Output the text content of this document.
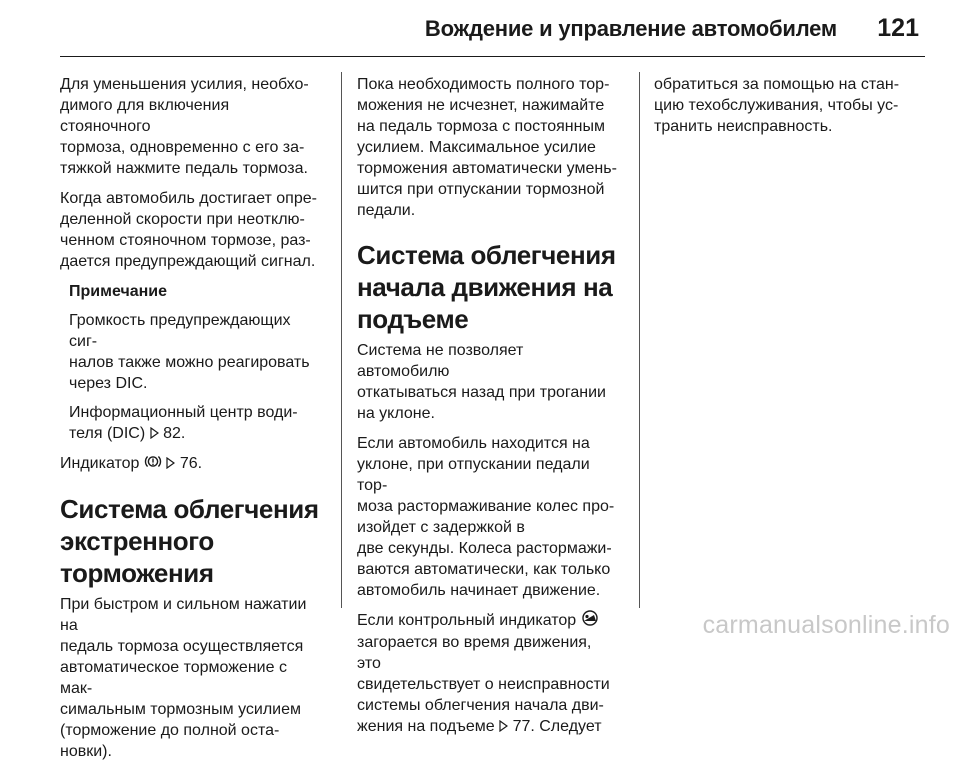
Вождение и управление автомобилем 121

Для уменьшения усилия, необхо-
димого для включения стояночного
тормоза, одновременно с его за-
тяжкой нажмите педаль тормоза.

Когда автомобиль достигает опре-
деленной скорости при неотклю-
ченном стояночном тормозе, раз-
дается предупреждающий сигнал.

Примечание

Громкость предупреждающих сиг-
налов также можно реагировать
через DIC.

Информационный центр води-
теля (DIC)  82.

Индикатор   76.

Система облегчения
экстренного торможения

При быстром и сильном нажатии на
педаль тормоза осуществляется
автоматическое торможение с мак-
симальным тормозным усилием
(торможение до полной оста-
новки).

Пока необходимость полного тор-
можения не исчезнет, нажимайте
на педаль тормоза с постоянным
усилием. Максимальное усилие
торможения автоматически умень-
шится при отпускании тормозной
педали.

Система облегчения
начала движения на
подъеме

Система не позволяет автомобилю
откатываться назад при трогании
на уклоне.

Если автомобиль находится на
уклоне, при отпускании педали тор-
моза растормаживание колес про-
изойдет с задержкой в
две секунды. Колеса растормажи-
ваются автоматически, как только
автомобиль начинает движение.

Если контрольный индикатор
загорается во время движения, это
свидетельствует о неисправности
системы облегчения начала дви-
жения на подъеме  77. Следует

обратиться за помощью на стан-
цию техобслуживания, чтобы ус-
транить неисправность.

carmanualsonline.info
